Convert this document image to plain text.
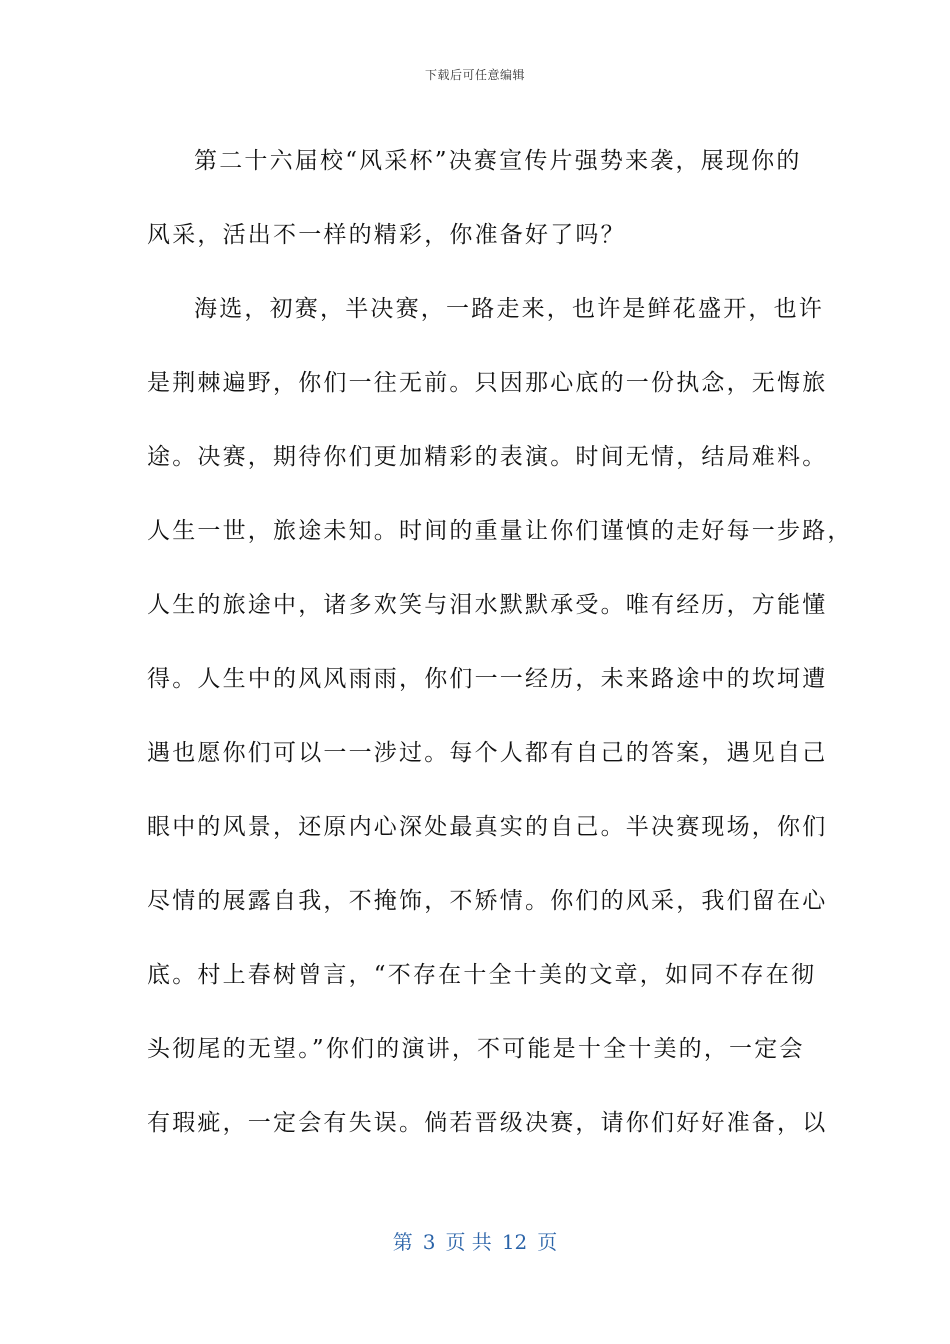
下载后可任意编辑
第二十六届校“风采杯”决赛宣传片强势来袭，展现你的
风采，活出不一样的精彩，你准备好了吗？
海选，初赛，半决赛，一路走来，也许是鲜花盛开，也许
是荆棘遍野，你们一往无前。只因那心底的一份执念，无悔旅
途。决赛，期待你们更加精彩的表演。时间无情，结局难料。
人生一世，旅途未知。时间的重量让你们谨慎的走好每一步路，
人生的旅途中，诸多欢笑与泪水默默承受。唯有经历，方能懂
得。人生中的风风雨雨，你们一一经历，未来路途中的坎坷遭
遇也愿你们可以一一涉过。每个人都有自己的答案，遇见自己
眼中的风景，还原内心深处最真实的自己。半决赛现场，你们
尽情的展露自我，不掩饰，不矫情。你们的风采，我们留在心
底。村上春树曾言，“不存在十全十美的文章，如同不存在彻
头彻尾的无望。”你们的演讲，不可能是十全十美的，一定会
有瑕疵，一定会有失误。倘若晋级决赛，请你们好好准备，以
第 3 页 共 12 页
